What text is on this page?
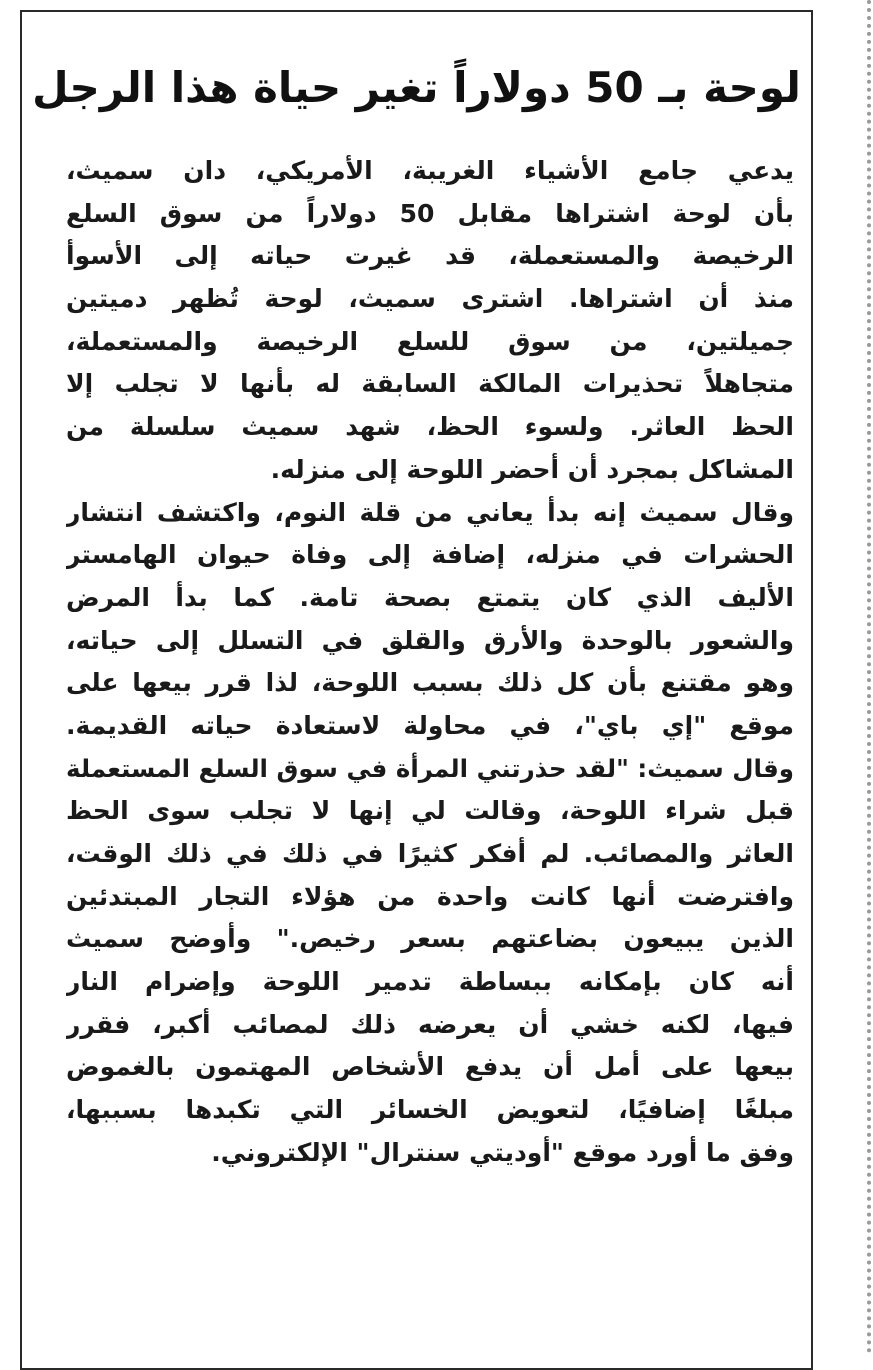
لوحة بـ 50 دولاراً تغير حياة هذا الرجل
يدعي جامع الأشياء الغريبة، الأمريكي، دان سميث،
بأن لوحة اشتراها مقابل 50 دولاراً من سوق السلع
الرخيصة والمستعملة، قد غيرت حياته إلى الأسوأ
منذ أن اشتراها. اشترى سميث، لوحة تُظهر دميتين
جميلتين، من سوق للسلع الرخيصة والمستعملة،
متجاهلاً تحذيرات المالكة السابقة له بأنها لا تجلب إلا
الحظ العاثر. ولسوء الحظ، شهد سميث سلسلة من
المشاكل بمجرد أن أحضر اللوحة إلى منزله.
وقال سميث إنه بدأ يعاني من قلة النوم، واكتشف انتشار
الحشرات في منزله، إضافة إلى وفاة حيوان الهامستر
الأليف الذي كان يتمتع بصحة تامة. كما بدأ المرض
والشعور بالوحدة والأرق والقلق في التسلل إلى حياته،
وهو مقتنع بأن كل ذلك بسبب اللوحة، لذا قرر بيعها على
موقع "إي باي"، في محاولة لاستعادة حياته القديمة.
وقال سميث: "لقد حذرتني المرأة في سوق السلع المستعملة
قبل شراء اللوحة، وقالت لي إنها لا تجلب سوى الحظ
العاثر والمصائب. لم أفكر كثيرًا في ذلك في ذلك الوقت،
وافترضت أنها كانت واحدة من هؤلاء التجار المبتدئين
الذين يبيعون بضاعتهم بسعر رخيص." وأوضح سميث
أنه كان بإمكانه ببساطة تدمير اللوحة وإضرام النار
فيها، لكنه خشي أن يعرضه ذلك لمصائب أكبر، فقرر
بيعها على أمل أن يدفع الأشخاص المهتمون بالغموض
مبلغًا إضافيًا، لتعويض الخسائر التي تكبدها بسببها،
وفق ما أورد موقع "أوديتي سنترال" الإلكتروني.
